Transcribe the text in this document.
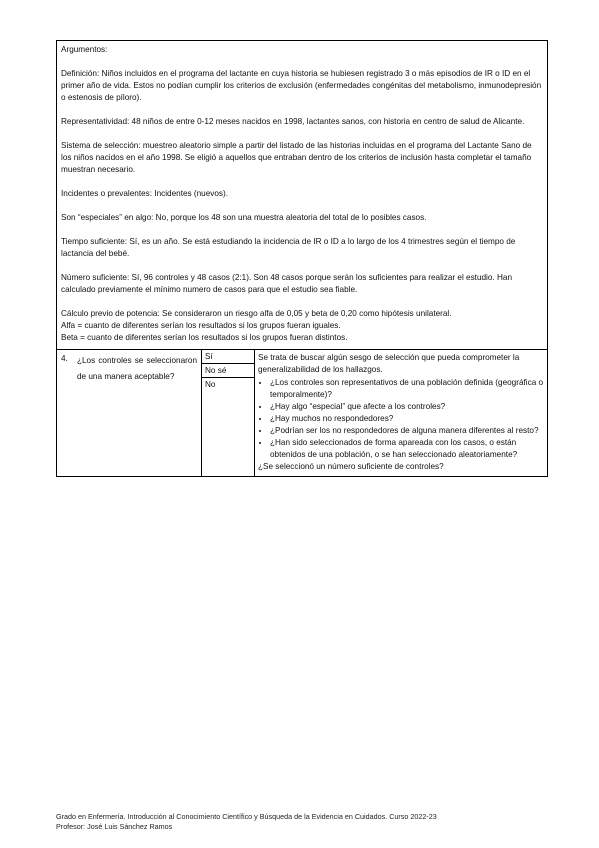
Argumentos:

Definición: Niños incluidos en el programa del lactante en cuya historia se hubiesen registrado 3 o más episodios de IR o ID en el primer año de vida. Estos no podían cumplir los criterios de exclusión (enfermedades congénitas del metabolismo, inmunodepresión o estenosis de píloro).

Representatividad: 48 niños de entre 0-12 meses nacidos en 1998, lactantes sanos, con historia en centro de salud de Alicante.

Sistema de selección: muestreo aleatorio simple a partir del listado de las historias incluidas en el programa del Lactante Sano de los niños nacidos en el año 1998. Se eligió a aquellos que entraban dentro de los criterios de inclusión hasta completar el tamaño muestran necesario.

Incidentes o prevalentes: Incidentes (nuevos).

Son “especiales” en algo: No, porque los 48 son una muestra aleatoria del total de lo posibles casos.

Tiempo suficiente: Sí, es un año. Se está estudiando la incidencia de IR o ID a lo largo de los 4 trimestres según el tiempo de lactancia del bebé.

Número suficiente: Sí, 96 controles y 48 casos (2:1). Son 48 casos porque serán los suficientes para realizar el estudio. Han calculado previamente el mínimo numero de casos para que el estudio sea fiable.

Cálculo previo de potencia: Se consideraron un riesgo alfa de 0,05 y beta de 0,20 como hipótesis unilateral.
Alfa = cuanto de diferentes serían los resultados si los grupos fueran iguales.
Beta = cuanto de diferentes serían los resultados si los grupos fueran distintos.
4.	¿Los controles se seleccionaron de una manera aceptable?
Sí
No sé
No
Se trata de buscar algún sesgo de selección que pueda comprometer la generalizabilidad de los hallazgos.
• ¿Los controles son representativos de una población definida (geográfica o temporalmente)?
• ¿Hay algo “especial” que afecte a los controles?
• ¿Hay muchos no respondedores?
• ¿Podrían ser los no respondedores de alguna manera diferentes al resto?
• ¿Han sido seleccionados de forma apareada con los casos, o están obtenidos de una población, o se han seleccionado aleatoriamente?
¿Se seleccionó un número suficiente de controles?
Grado en Enfermería. Introducción al Conocimiento Científico y Búsqueda de la Evidencia en Cuidados. Curso 2022-23
Profesor: José Luis Sánchez Ramos
